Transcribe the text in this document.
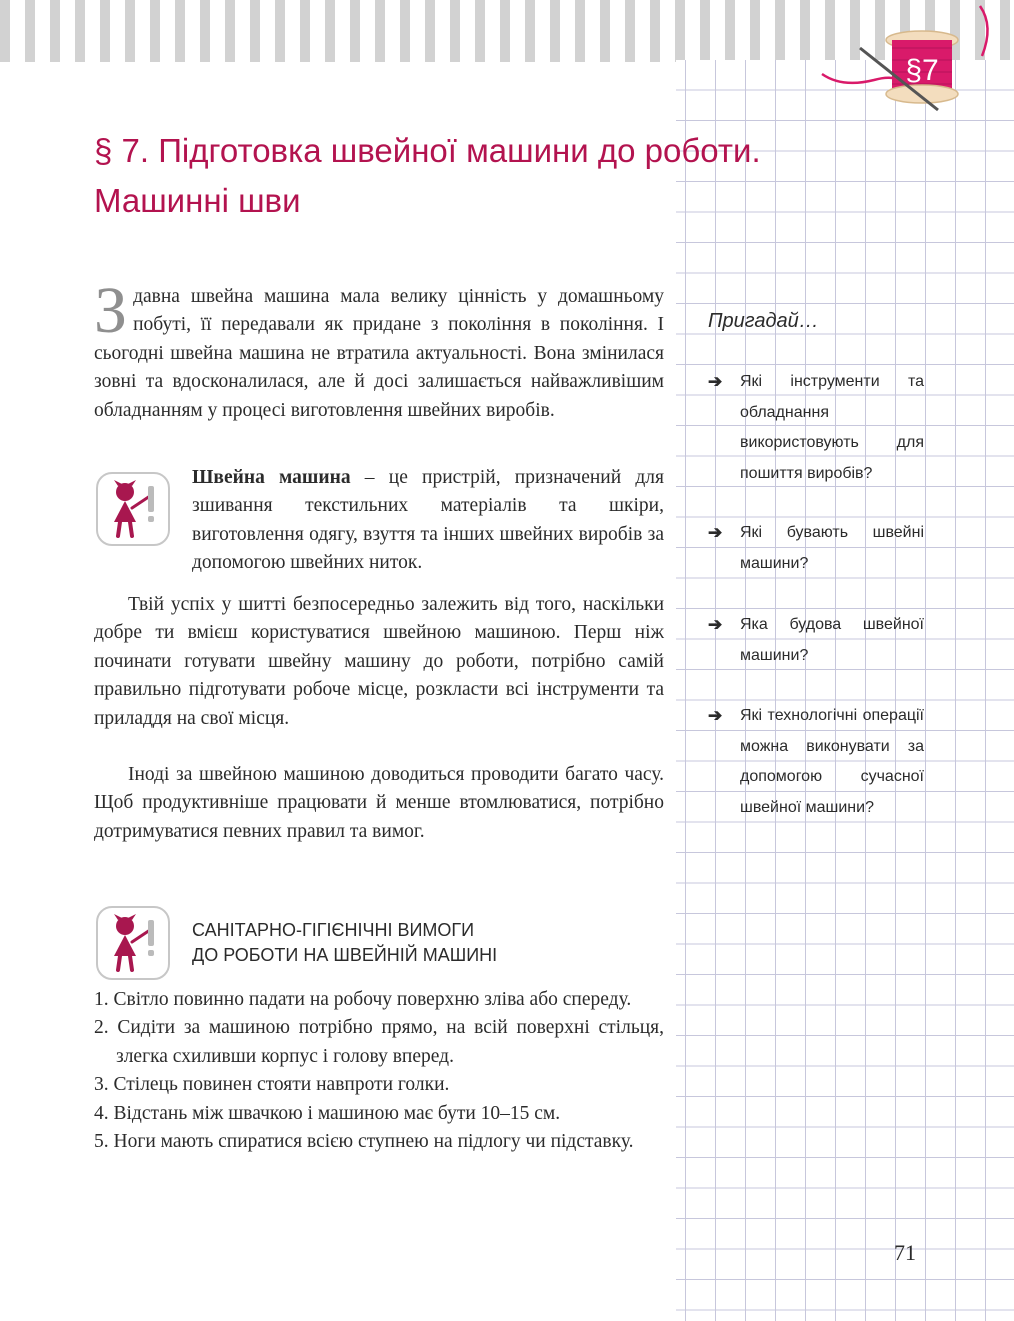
§7
§ 7. Підготовка швейної машини до роботи.
Машинні шви

Здавна швейна машина мала велику цінність у домашньому побуті, її передавали як придане з покоління в покоління. І сьогодні швейна машина не втратила актуальності. Вона змінилася зовні та вдосконалилася, але й досі залишається найважливішим обладнанням у процесі виготовлення швейних виробів.

Швейна машина – це пристрій, призначений для зшивання текстильних матеріалів та шкіри, виготовлення одягу, взуття та інших швейних виробів за допомогою швейних ниток.

Твій успіх у шитті безпосередньо залежить від того, наскільки добре ти вмієш користуватися швейною машиною. Перш ніж починати готувати швейну машину до роботи, потрібно самій правильно підготувати робоче місце, розкласти всі інструменти та приладдя на свої місця.

Іноді за швейною машиною доводиться проводити багато часу. Щоб продуктивніше працювати й менше втомлюватися, потрібно дотримуватися певних правил та вимог.

САНІТАРНО-ГІГІЄНІЧНІ ВИМОГИ
ДО РОБОТИ НА ШВЕЙНІЙ МАШИНІ
1. Світло повинно падати на робочу поверхню зліва або спереду.
2. Сидіти за машиною потрібно прямо, на всій поверхні стільця, злегка схиливши корпус і голову вперед.
3. Стілець повинен стояти навпроти голки.
4. Відстань між швачкою і машиною має бути 10–15 см.
5. Ноги мають спиратися всією ступнею на підлогу чи підставку.
Пригадай…
➔ Які інструменти та обладнання використовують для пошиття виробів?
➔ Які бувають швейні машини?
➔ Яка будова швейної машини?
➔ Які технологічні операції можна виконувати за допомогою сучасної швейної машини?
71
